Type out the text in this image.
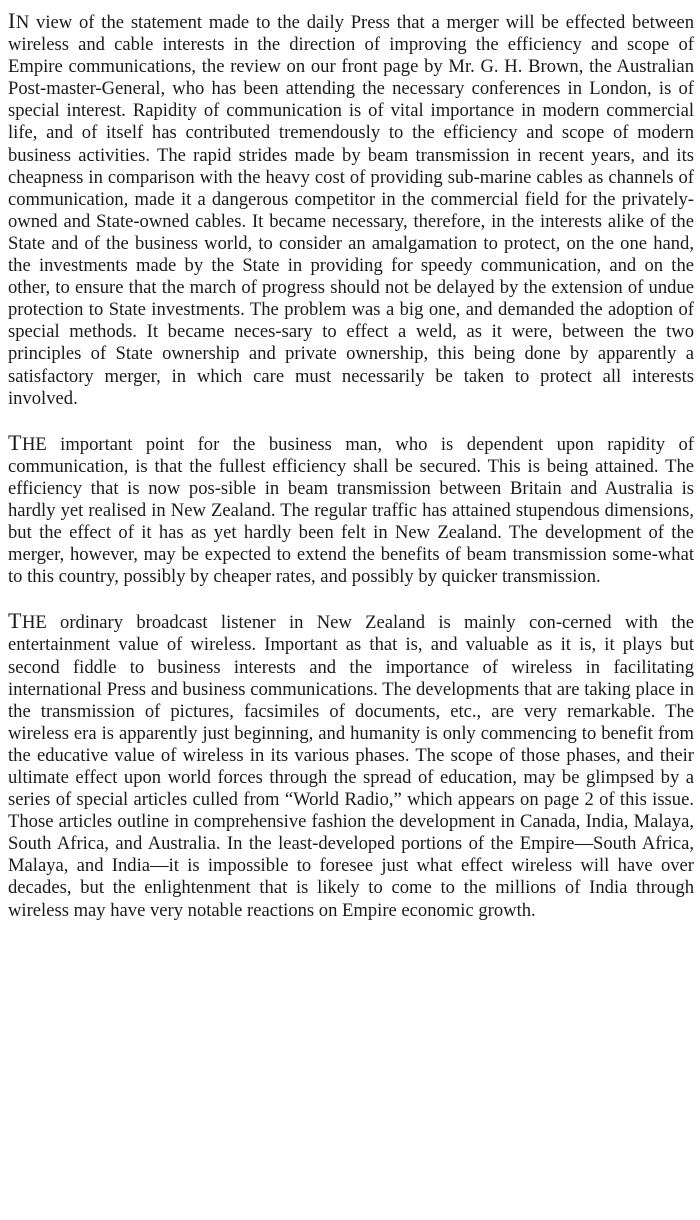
IN view of the statement made to the daily Press that a merger will be effected between wireless and cable interests in the direction of improving the efficiency and scope of Empire communications, the review on our front page by Mr. G. H. Brown, the Australian Post-master-General, who has been attending the necessary conferences in London, is of special interest. Rapidity of communication is of vital importance in modern commercial life, and of itself has contributed tremendously to the efficiency and scope of modern business activities. The rapid strides made by beam transmission in recent years, and its cheapness in comparison with the heavy cost of providing sub-marine cables as channels of communication, made it a dangerous competitor in the commercial field for the privately-owned and State-owned cables. It became necessary, therefore, in the interests alike of the State and of the business world, to consider an amalgamation to protect, on the one hand, the investments made by the State in providing for speedy communication, and on the other, to ensure that the march of progress should not be delayed by the extension of undue protection to State investments. The problem was a big one, and demanded the adoption of special methods. It became neces-sary to effect a weld, as it were, between the two principles of State ownership and private ownership, this being done by apparently a satisfactory merger, in which care must necessarily be taken to protect all interests involved.

THE important point for the business man, who is dependent upon rapidity of communication, is that the fullest efficiency shall be secured. This is being attained. The efficiency that is now pos-sible in beam transmission between Britain and Australia is hardly yet realised in New Zealand. The regular traffic has attained stupendous dimensions, but the effect of it has as yet hardly been felt in New Zealand. The development of the merger, however, may be expected to extend the benefits of beam transmission some-what to this country, possibly by cheaper rates, and possibly by quicker transmission.

THE ordinary broadcast listener in New Zealand is mainly con-cerned with the entertainment value of wireless. Important as that is, and valuable as it is, it plays but second fiddle to business interests and the importance of wireless in facilitating international Press and business communications. The developments that are taking place in the transmission of pictures, facsimiles of documents, etc., are very remarkable. The wireless era is apparently just beginning, and humanity is only commencing to benefit from the educative value of wireless in its various phases. The scope of those phases, and their ultimate effect upon world forces through the spread of education, may be glimpsed by a series of special articles culled from “World Radio,” which appears on page 2 of this issue. Those articles outline in comprehensive fashion the development in Canada, India, Malaya, South Africa, and Australia. In the least-developed portions of the Empire—South Africa, Malaya, and India—it is impossible to foresee just what effect wireless will have over decades, but the enlightenment that is likely to come to the millions of India through wireless may have very notable reactions on Empire economic growth.
